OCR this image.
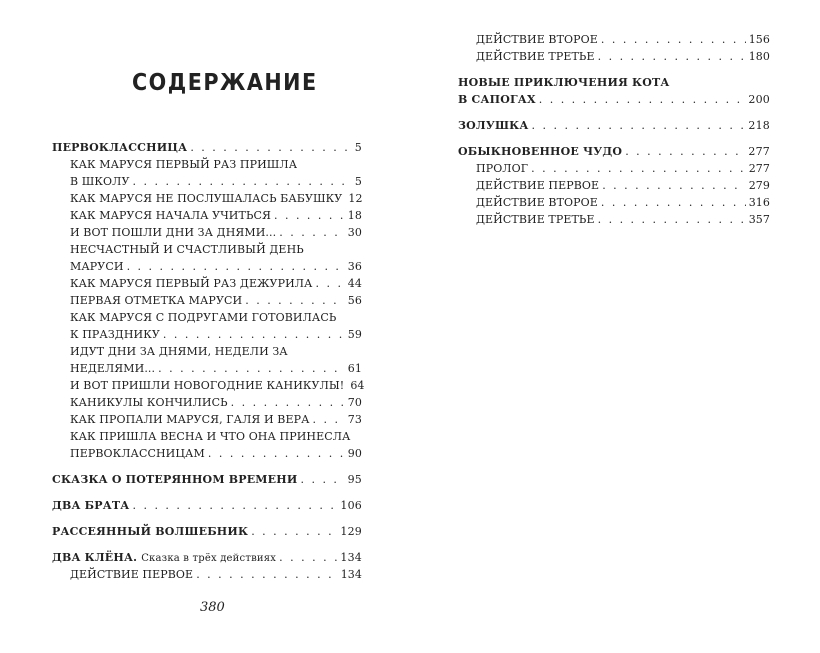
СОДЕРЖАНИЕ
ПЕРВОКЛАССНИЦА . . .	5
КАК МАРУСЯ ПЕРВЫЙ РАЗ ПРИШЛА
В ШКОЛУ . . .	5
КАК МАРУСЯ НЕ ПОСЛУШАЛАСЬ БАБУШКУ 12
КАК МАРУСЯ НАЧАЛА УЧИТЬСЯ . . .	18
И ВОТ ПОШЛИ ДНИ ЗА ДНЯМИ... . . .	30
НЕСЧАСТНЫЙ И СЧАСТЛИВЫЙ ДЕНЬ
МАРУСИ . . .	36
КАК МАРУСЯ ПЕРВЫЙ РАЗ ДЕЖУРИЛА . . .	44
ПЕРВАЯ ОТМЕТКА МАРУСИ . . .	56
КАК МАРУСЯ С ПОДРУГАМИ ГОТОВИЛАСЬ
К ПРАЗДНИКУ . . .	59
ИДУТ ДНИ ЗА ДНЯМИ, НЕДЕЛИ ЗА
НЕДЕЛЯМИ... . . .	61
И ВОТ ПРИШЛИ НОВОГОДНИЕ КАНИКУЛЫ! 64
КАНИКУЛЫ КОНЧИЛИСЬ . . .	70
КАК ПРОПАЛИ МАРУСЯ, ГАЛЯ И ВЕРА . . .	73
КАК ПРИШЛА ВЕСНА И ЧТО ОНА ПРИНЕСЛА
ПЕРВОКЛАССНИЦАМ . . .	90
СКАЗКА О ПОТЕРЯННОМ ВРЕМЕНИ . . .	95
ДВА БРАТА . . .	106
РАССЕЯННЫЙ ВОЛШЕБНИК . . .	129
ДВА КЛЁНА. Сказка в трёх действиях . . .	134
ДЕЙСТВИЕ ПЕРВОЕ . . .	134
380
ДЕЙСТВИЕ ВТОРОЕ . . .	156
ДЕЙСТВИЕ ТРЕТЬЕ . . .	180
НОВЫЕ ПРИКЛЮЧЕНИЯ КОТА
В САПОГАХ . . .	200
ЗОЛУШКА . . .	218
ОБЫКНОВЕННОЕ ЧУДО . . .	277
ПРОЛОГ . . .	277
ДЕЙСТВИЕ ПЕРВОЕ . . .	279
ДЕЙСТВИЕ ВТОРОЕ . . .	316
ДЕЙСТВИЕ ТРЕТЬЕ . . .	357
